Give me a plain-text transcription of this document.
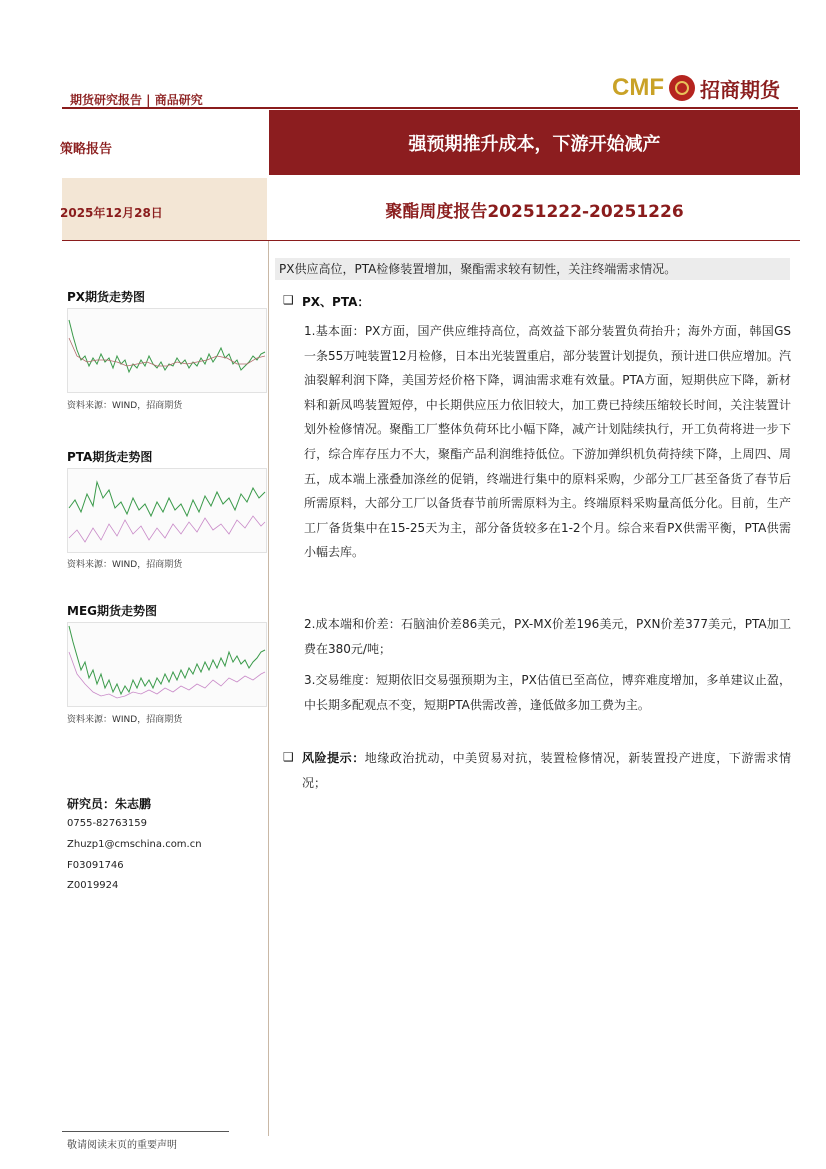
期货研究报告 | 商品研究	CMF 招商期货
策略报告	强预期推升成本，下游开始减产
2025年12月28日	聚酯周度报告20251222-20251226
PX期货走势图
资料来源：WIND，招商期货
PTA期货走势图
资料来源：WIND，招商期货
MEG期货走势图
资料来源：WIND，招商期货
研究员：朱志鹏
0755-82763159
Zhuzp1@cmschina.com.cn
F03091746
Z0019924
PX供应高位，PTA检修装置增加，聚酯需求较有韧性，关注终端需求情况。
❑ PX、PTA：
1.基本面：PX方面，国产供应维持高位，高效益下部分装置负荷抬升；海外方面，韩国GS一条55万吨装置12月检修，日本出光装置重启，部分装置计划提负，预计进口供应增加。汽油裂解利润下降，美国芳烃价格下降，调油需求难有效量。PTA方面，短期供应下降，新材料和新凤鸣装置短停，中长期供应压力依旧较大，加工费已持续压缩较长时间，关注装置计划外检修情况。聚酯工厂整体负荷环比小幅下降，减产计划陆续执行，开工负荷将进一步下行，综合库存压力不大，聚酯产品利润维持低位。下游加弹织机负荷持续下降，上周四、周五，成本端上涨叠加涤丝的促销，终端进行集中的原料采购，少部分工厂甚至备货了春节后所需原料，大部分工厂以备货春节前所需原料为主。终端原料采购量高低分化。目前，生产工厂备货集中在15-25天为主，部分备货较多在1-2个月。综合来看PX供需平衡，PTA供需小幅去库。
2.成本端和价差：石脑油价差86美元，PX-MX价差196美元，PXN价差377美元，PTA加工费在380元/吨；
3.交易维度：短期依旧交易强预期为主，PX估值已至高位，博弈难度增加，多单建议止盈，中长期多配观点不变，短期PTA供需改善，逢低做多加工费为主。
❑ 风险提示：地缘政治扰动，中美贸易对抗，装置检修情况，新装置投产进度，下游需求情况；
敬请阅读末页的重要声明
